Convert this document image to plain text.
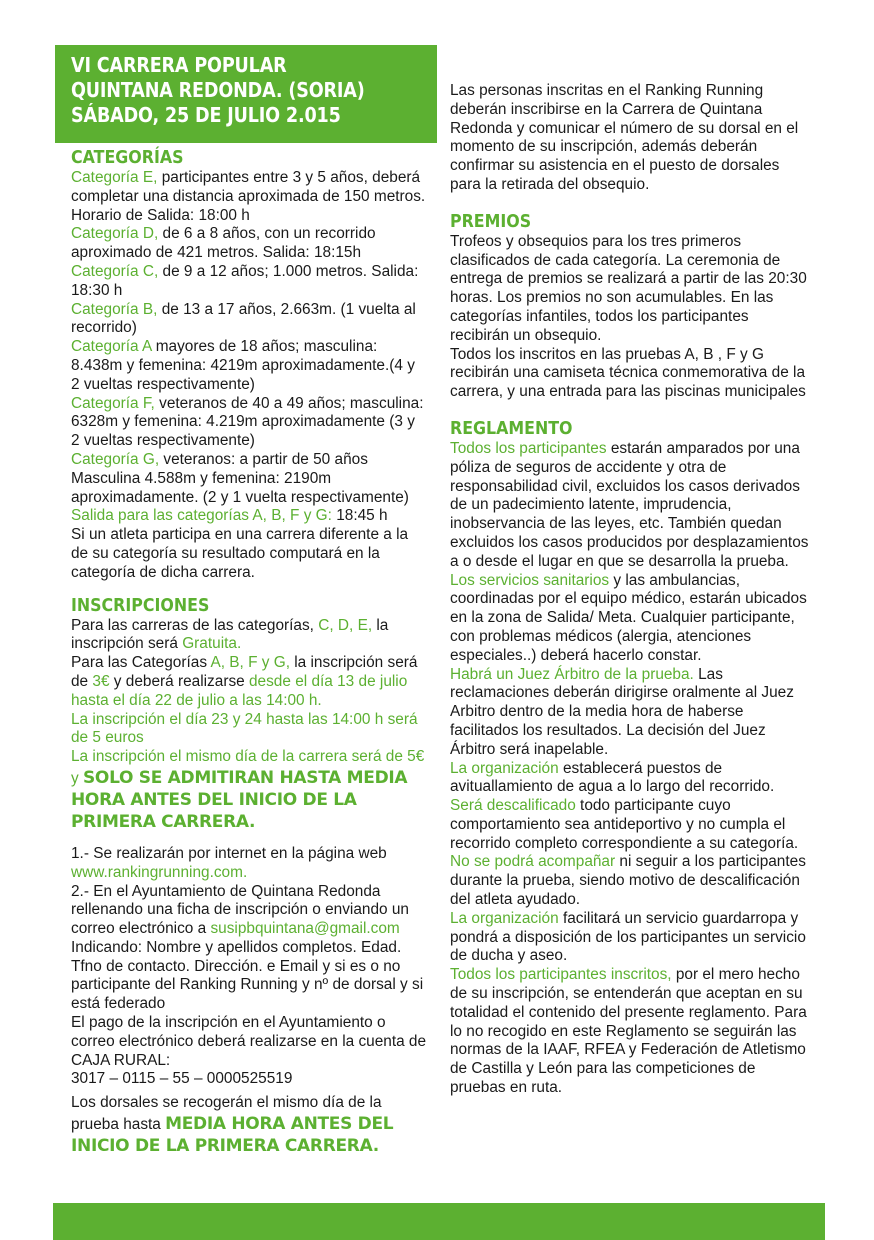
VI CARRERA POPULAR
QUINTANA REDONDA. (SORIA)
SÁBADO, 25 DE JULIO 2.015
CATEGORÍAS

Categoría E, participantes entre 3 y 5 años, deberá completar una distancia aproximada de 150 metros. Horario de Salida: 18:00 h

Categoría D, de 6 a 8 años, con un recorrido aproximado de 421 metros. Salida: 18:15h

Categoría C, de 9 a 12 años; 1.000 metros. Salida: 18:30 h

Categoría B, de 13 a 17 años, 2.663m. (1 vuelta al recorrido)

Categoría A mayores de 18 años; masculina: 8.438m y femenina: 4219m aproximadamente.(4 y 2 vueltas respectivamente)

Categoría F, veteranos de 40 a 49 años; masculina: 6328m y femenina: 4.219m aproximadamente (3 y 2 vueltas respectivamente)

Categoría G, veteranos: a partir de 50 años Masculina 4.588m y femenina: 2190m aproximadamente. (2 y 1 vuelta respectivamente)

Salida para las categorías A, B, F y G: 18:45 h

Si un atleta participa en una carrera diferente a la de su categoría su resultado computará en la categoría de dicha carrera.

INSCRIPCIONES

Para las carreras de las categorías, C, D, E, la inscripción será Gratuita.

Para las Categorías A, B, F y G, la inscripción será de 3€ y deberá realizarse desde el día 13 de julio hasta el día 22 de julio a las 14:00 h.

La inscripción el día 23 y 24 hasta las 14:00 h será de 5 euros

La inscripción el mismo día de la carrera será de 5€ y SOLO SE ADMITIRAN HASTA MEDIA HORA ANTES DEL INICIO DE LA PRIMERA CARRERA.

1.- Se realizarán por internet en la página web www.rankingrunning.com.

2.- En el Ayuntamiento de Quintana Redonda rellenando una ficha de inscripción o enviando un correo electrónico a susipbquintana@gmail.com

Indicando: Nombre y apellidos completos. Edad. Tfno de contacto. Dirección. e Email y si es o no participante del Ranking Running y nº de dorsal y si está federado

El pago de la inscripción en el Ayuntamiento o correo electrónico deberá realizarse en la cuenta de CAJA RURAL:

3017 – 0115 – 55 – 0000525519

Los dorsales se recogerán el mismo día de la prueba hasta MEDIA HORA ANTES DEL INICIO DE LA PRIMERA CARRERA.

Las personas inscritas en el Ranking Running deberán inscribirse en la Carrera de Quintana Redonda y comunicar el número de su dorsal en el momento de su inscripción, además deberán confirmar su asistencia en el puesto de dorsales para la retirada del obsequio.

PREMIOS

Trofeos y obsequios para los tres primeros clasificados de cada categoría. La ceremonia de entrega de premios se realizará a partir de las 20:30 horas. Los premios no son acumulables. En las categorías infantiles, todos los participantes recibirán un obsequio.

Todos los inscritos en las pruebas A, B , F y G recibirán una camiseta técnica conmemorativa de la carrera, y una entrada para las piscinas municipales

REGLAMENTO

Todos los participantes estarán amparados por una póliza de seguros de accidente y otra de responsabilidad civil, excluidos los casos derivados de un padecimiento latente, imprudencia, inobservancia de las leyes, etc. También quedan excluidos los casos producidos por desplazamientos a o desde el lugar en que se desarrolla la prueba.

Los servicios sanitarios y las ambulancias, coordinadas por el equipo médico, estarán ubicados en la zona de Salida/ Meta. Cualquier participante, con problemas médicos (alergia, atenciones especiales..) deberá hacerlo constar.

Habrá un Juez Árbitro de la prueba. Las reclamaciones deberán dirigirse oralmente al Juez Arbitro dentro de la media hora de haberse facilitados los resultados. La decisión del Juez Árbitro será inapelable.

La organización establecerá puestos de avituallamiento de agua a lo largo del recorrido.

Será descalificado todo participante cuyo comportamiento sea antideportivo y no cumpla el recorrido completo correspondiente a su categoría.

No se podrá acompañar ni seguir a los participantes durante la prueba, siendo motivo de descalificación del atleta ayudado.

La organización facilitará un servicio guardarropa y pondrá a disposición de los participantes un servicio de ducha y aseo.

Todos los participantes inscritos, por el mero hecho de su inscripción, se entenderán que aceptan en su totalidad el contenido del presente reglamento. Para lo no recogido en este Reglamento se seguirán las normas de la IAAF, RFEA y Federación de Atletismo de Castilla y León para las competiciones de pruebas en ruta.
